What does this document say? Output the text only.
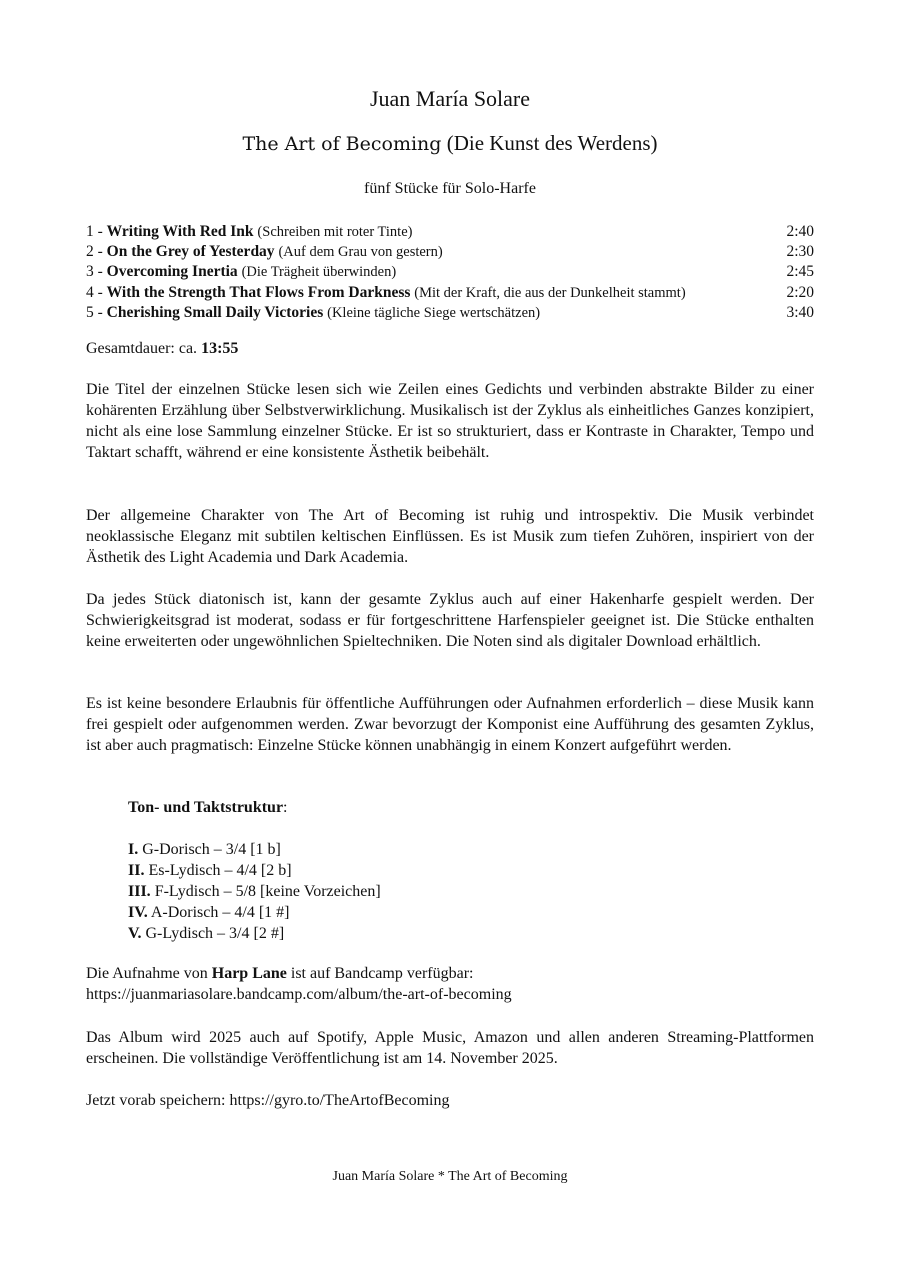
Juan María Solare
The Art of Becoming (Die Kunst des Werdens)
fünf Stücke für Solo-Harfe
1 - Writing With Red Ink (Schreiben mit roter Tinte)	2:40
2 - On the Grey of Yesterday (Auf dem Grau von gestern)	2:30
3 - Overcoming Inertia (Die Trägheit überwinden)	2:45
4 - With the Strength That Flows From Darkness (Mit der Kraft, die aus der Dunkelheit stammt)	2:20
5 - Cherishing Small Daily Victories (Kleine tägliche Siege wertschätzen)	3:40
Gesamtdauer: ca. 13:55

Die Titel der einzelnen Stücke lesen sich wie Zeilen eines Gedichts und verbinden abstrakte Bilder zu einer kohärenten Erzählung über Selbstverwirklichung. Musikalisch ist der Zyklus als einheitliches Ganzes konzipiert, nicht als eine lose Sammlung einzelner Stücke. Er ist so strukturiert, dass er Kontraste in Charakter, Tempo und Taktart schafft, während er eine konsistente Ästhetik beibehält.

Der allgemeine Charakter von The Art of Becoming ist ruhig und introspektiv. Die Musik verbindet neoklassische Eleganz mit subtilen keltischen Einflüssen. Es ist Musik zum tiefen Zuhören, inspiriert von der Ästhetik des Light Academia und Dark Academia.

Da jedes Stück diatonisch ist, kann der gesamte Zyklus auch auf einer Hakenharfe gespielt werden. Der Schwierigkeitsgrad ist moderat, sodass er für fortgeschrittene Harfenspieler geeignet ist. Die Stücke enthalten keine erweiterten oder ungewöhnlichen Spieltechniken. Die Noten sind als digitaler Download erhältlich.

Es ist keine besondere Erlaubnis für öffentliche Aufführungen oder Aufnahmen erforderlich – diese Musik kann frei gespielt oder aufgenommen werden. Zwar bevorzugt der Komponist eine Aufführung des gesamten Zyklus, ist aber auch pragmatisch: Einzelne Stücke können unabhängig in einem Konzert aufgeführt werden.

Ton- und Taktstruktur:
I. G-Dorisch – 3/4 [1 b]
II. Es-Lydisch – 4/4 [2 b]
III. F-Lydisch – 5/8 [keine Vorzeichen]
IV. A-Dorisch – 4/4 [1 #]
V. G-Lydisch – 3/4 [2 #]
Die Aufnahme von Harp Lane ist auf Bandcamp verfügbar:
https://juanmariasolare.bandcamp.com/album/the-art-of-becoming

Das Album wird 2025 auch auf Spotify, Apple Music, Amazon und allen anderen Streaming-Plattformen erscheinen. Die vollständige Veröffentlichung ist am 14. November 2025.

Jetzt vorab speichern: https://gyro.to/TheArtofBecoming

Juan María Solare * The Art of Becoming
